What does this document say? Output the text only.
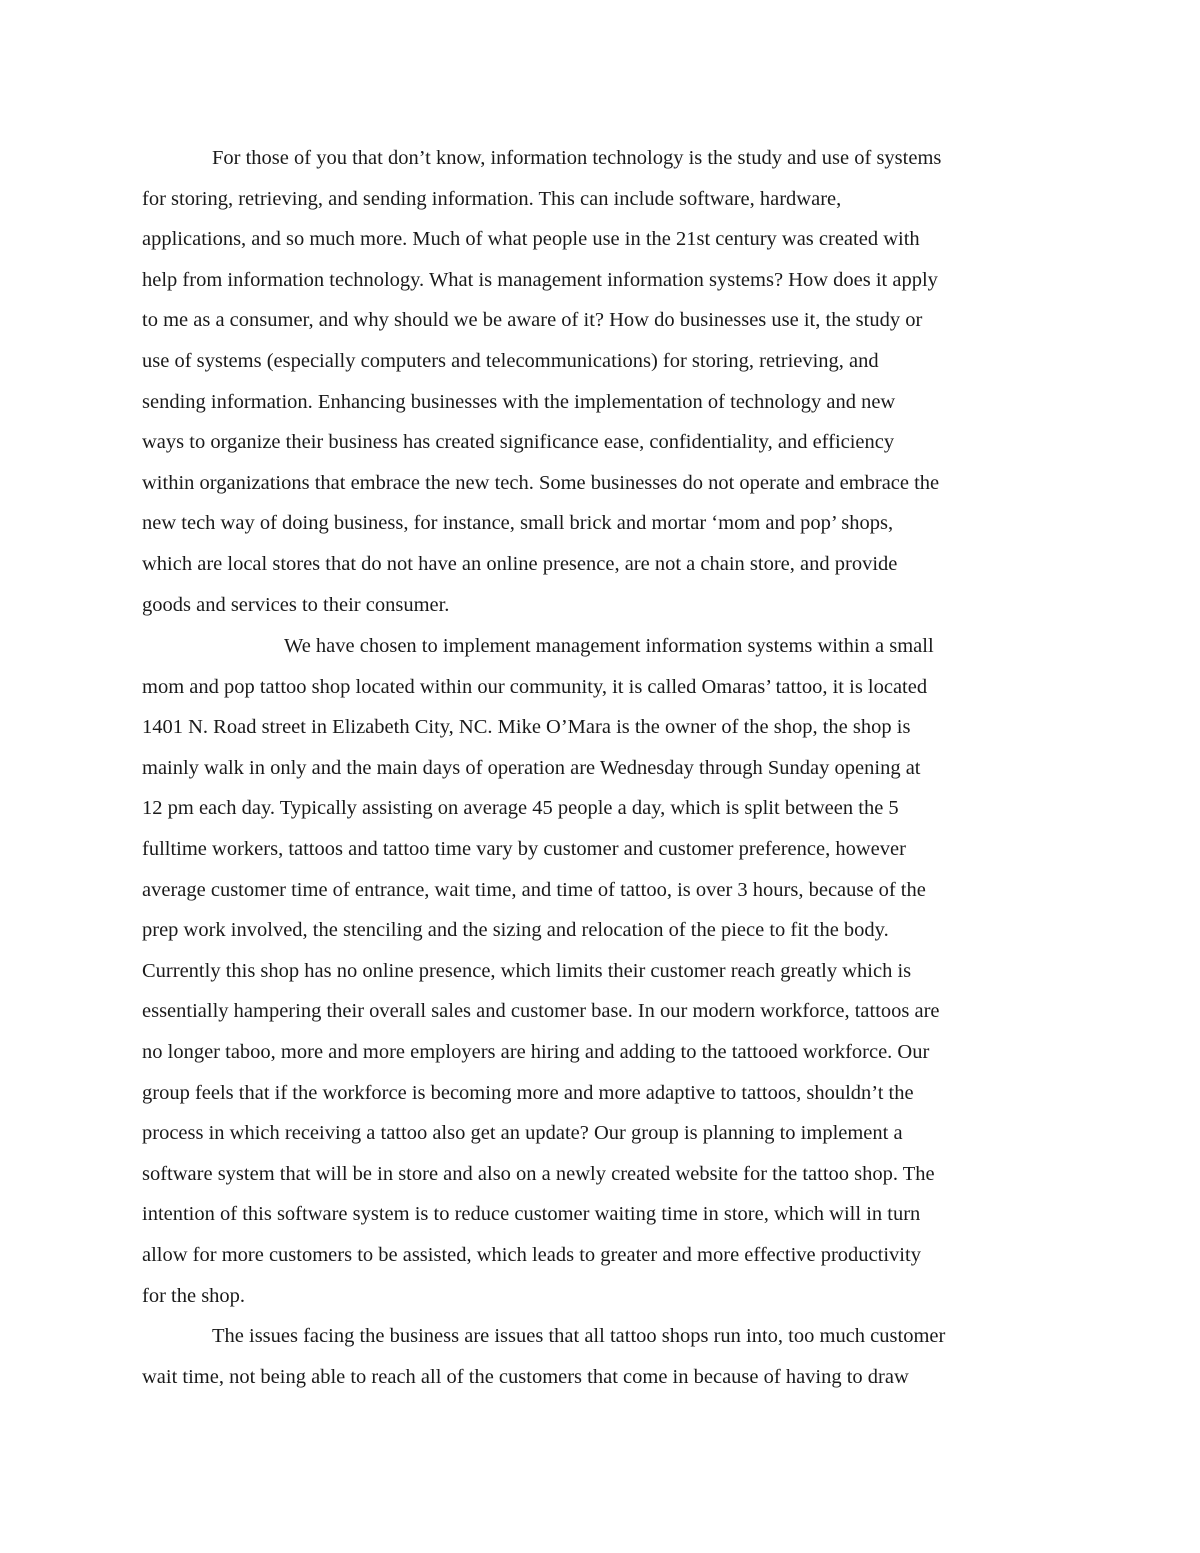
For those of you that don’t know, information technology is the study and use of systems
for storing, retrieving, and sending information. This can include software, hardware,
applications, and so much more. Much of what people use in the 21st century was created with
help from information technology. What is management information systems? How does it apply
to me as a consumer, and why should we be aware of it? How do businesses use it, the study or
use of systems (especially computers and telecommunications) for storing, retrieving, and
sending information. Enhancing businesses with the implementation of technology and new
ways to organize their business has created significance ease, confidentiality, and efficiency
within organizations that embrace the new tech. Some businesses do not operate and embrace the
new tech way of doing business, for instance, small brick and mortar ‘mom and pop’ shops,
which are local stores that do not have an online presence, are not a chain store, and provide
goods and services to their consumer.
We have chosen to implement management information systems within a small
mom and pop tattoo shop located within our community, it is called Omaras’ tattoo, it is located
1401 N. Road street in Elizabeth City, NC. Mike O’Mara is the owner of the shop, the shop is
mainly walk in only and the main days of operation are Wednesday through Sunday opening at
12 pm each day. Typically assisting on average 45 people a day, which is split between the 5
fulltime workers, tattoos and tattoo time vary by customer and customer preference, however
average customer time of entrance, wait time, and time of tattoo, is over 3 hours, because of the
prep work involved, the stenciling and the sizing and relocation of the piece to fit the body.
Currently this shop has no online presence, which limits their customer reach greatly which is
essentially hampering their overall sales and customer base. In our modern workforce, tattoos are
no longer taboo, more and more employers are hiring and adding to the tattooed workforce. Our
group feels that if the workforce is becoming more and more adaptive to tattoos, shouldn’t the
process in which receiving a tattoo also get an update? Our group is planning to implement a
software system that will be in store and also on a newly created website for the tattoo shop. The
intention of this software system is to reduce customer waiting time in store, which will in turn
allow for more customers to be assisted, which leads to greater and more effective productivity
for the shop.
The issues facing the business are issues that all tattoo shops run into, too much customer
wait time, not being able to reach all of the customers that come in because of having to draw
